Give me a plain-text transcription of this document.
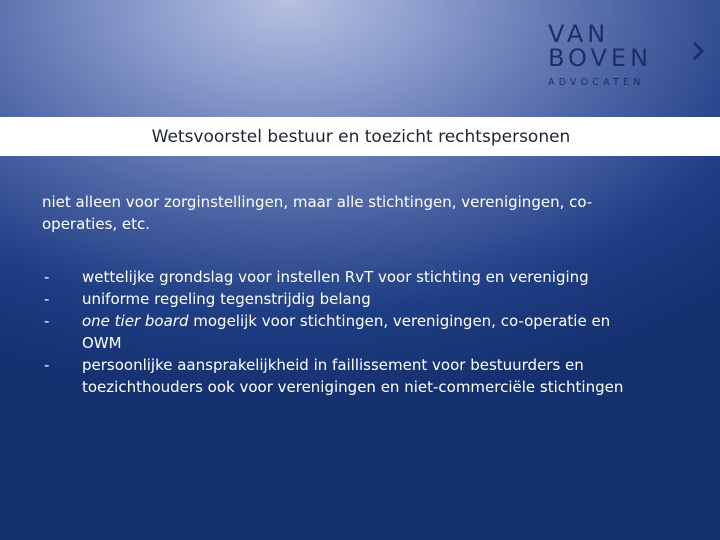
VAN
BOVEN
ADVOCATEN
Wetsvoorstel bestuur en toezicht rechtspersonen

niet alleen voor zorginstellingen, maar alle stichtingen, verenigingen, co-operaties, etc.

-	wettelijke grondslag voor instellen RvT voor stichting en vereniging
-	uniforme regeling tegenstrijdig belang
-	one tier board mogelijk voor stichtingen, verenigingen, co-operatie en OWM
-	persoonlijke aansprakelijkheid in faillissement voor bestuurders en toezichthouders ook voor verenigingen en niet-commerciële stichtingen
